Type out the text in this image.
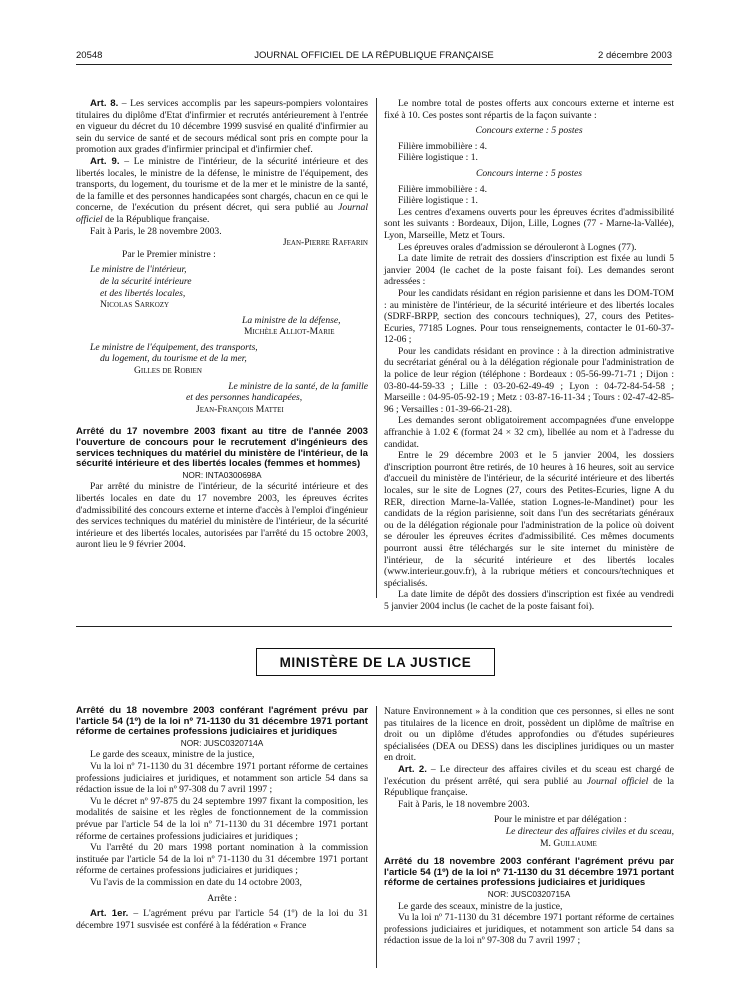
20548	JOURNAL OFFICIEL DE LA RÉPUBLIQUE FRANÇAISE	2 décembre 2003

Art. 8. – Les services accomplis par les sapeurs-pompiers volontaires titulaires du diplôme d'Etat d'infirmier et recrutés antérieurement à l'entrée en vigueur du décret du 10 décembre 1999 susvisé en qualité d'infirmier au sein du service de santé et de secours médical sont pris en compte pour la promotion aux grades d'infirmier principal et d'infirmier chef.

Art. 9. – Le ministre de l'intérieur, de la sécurité intérieure et des libertés locales, le ministre de la défense, le ministre de l'équipement, des transports, du logement, du tourisme et de la mer et le ministre de la santé, de la famille et des personnes handicapées sont chargés, chacun en ce qui le concerne, de l'exécution du présent décret, qui sera publié au Journal officiel de la République française.

Fait à Paris, le 28 novembre 2003.

Jean-Pierre Raffarin

Par le Premier ministre :

Le ministre de l'intérieur,

de la sécurité intérieure

et des libertés locales,

Nicolas Sarkozy

La ministre de la défense,

Michèle Alliot-Marie

Le ministre de l'équipement, des transports,

du logement, du tourisme et de la mer,

Gilles de Robien

Le ministre de la santé, de la famille

et des personnes handicapées,

Jean-François Mattei

Arrêté du 17 novembre 2003 fixant au titre de l'année 2003 l'ouverture de concours pour le recrutement d'ingénieurs des services techniques du matériel du ministère de l'intérieur, de la sécurité intérieure et des libertés locales (femmes et hommes)

NOR: INTA0300698A

Par arrêté du ministre de l'intérieur, de la sécurité intérieure et des libertés locales en date du 17 novembre 2003, les épreuves écrites d'admissibilité des concours externe et interne d'accès à l'emploi d'ingénieur des services techniques du matériel du ministère de l'intérieur, de la sécurité intérieure et des libertés locales, autorisées par l'arrêté du 15 octobre 2003, auront lieu le 9 février 2004.

Le nombre total de postes offerts aux concours externe et interne est fixé à 10. Ces postes sont répartis de la façon suivante :

Concours externe : 5 postes

Filière immobilière : 4.

Filière logistique : 1.

Concours interne : 5 postes

Filière immobilière : 4.

Filière logistique : 1.

Les centres d'examens ouverts pour les épreuves écrites d'admissibilité sont les suivants : Bordeaux, Dijon, Lille, Lognes (77 - Marne-la-Vallée), Lyon, Marseille, Metz et Tours.

Les épreuves orales d'admission se dérouleront à Lognes (77).

La date limite de retrait des dossiers d'inscription est fixée au lundi 5 janvier 2004 (le cachet de la poste faisant foi). Les demandes seront adressées :

Pour les candidats résidant en région parisienne et dans les DOM-TOM : au ministère de l'intérieur, de la sécurité intérieure et des libertés locales (SDRF-BRPP, section des concours techniques), 27, cours des Petites-Ecuries, 77185 Lognes. Pour tous renseignements, contacter le 01-60-37-12-06 ;

Pour les candidats résidant en province : à la direction administrative du secrétariat général ou à la délégation régionale pour l'administration de la police de leur région (téléphone : Bordeaux : 05-56-99-71-71 ; Dijon : 03-80-44-59-33 ; Lille : 03-20-62-49-49 ; Lyon : 04-72-84-54-58 ; Marseille : 04-95-05-92-19 ; Metz : 03-87-16-11-34 ; Tours : 02-47-42-85-96 ; Versailles : 01-39-66-21-28).

Les demandes seront obligatoirement accompagnées d'une enveloppe affranchie à 1.02 € (format 24 × 32 cm), libellée au nom et à l'adresse du candidat.

Entre le 29 décembre 2003 et le 5 janvier 2004, les dossiers d'inscription pourront être retirés, de 10 heures à 16 heures, soit au service d'accueil du ministère de l'intérieur, de la sécurité intérieure et des libertés locales, sur le site de Lognes (27, cours des Petites-Ecuries, ligne A du RER, direction Marne-la-Vallée, station Lognes-le-Mandinet) pour les candidats de la région parisienne, soit dans l'un des secrétariats généraux ou de la délégation régionale pour l'administration de la police où doivent se dérouler les épreuves écrites d'admissibilité. Ces mêmes documents pourront aussi être téléchargés sur le site internet du ministère de l'intérieur, de la sécurité intérieure et des libertés locales (www.interieur.gouv.fr), à la rubrique métiers et concours/techniques et spécialisés.

La date limite de dépôt des dossiers d'inscription est fixée au vendredi 5 janvier 2004 inclus (le cachet de la poste faisant foi).

MINISTÈRE DE LA JUSTICE

Arrêté du 18 novembre 2003 conférant l'agrément prévu par l'article 54 (1º) de la loi nº 71-1130 du 31 décembre 1971 portant réforme de certaines professions judiciaires et juridiques

NOR: JUSC0320714A

Le garde des sceaux, ministre de la justice,

Vu la loi nº 71-1130 du 31 décembre 1971 portant réforme de certaines professions judiciaires et juridiques, et notamment son article 54 dans sa rédaction issue de la loi nº 97-308 du 7 avril 1997 ;

Vu le décret nº 97-875 du 24 septembre 1997 fixant la composition, les modalités de saisine et les règles de fonctionnement de la commission prévue par l'article 54 de la loi nº 71-1130 du 31 décembre 1971 portant réforme de certaines professions judiciaires et juridiques ;

Vu l'arrêté du 20 mars 1998 portant nomination à la commission instituée par l'article 54 de la loi nº 71-1130 du 31 décembre 1971 portant réforme de certaines professions judiciaires et juridiques ;

Vu l'avis de la commission en date du 14 octobre 2003,

Arrête :

Art. 1er. – L'agrément prévu par l'article 54 (1º) de la loi du 31 décembre 1971 susvisée est conféré à la fédération « France

Nature Environnement » à la condition que ces personnes, si elles ne sont pas titulaires de la licence en droit, possèdent un diplôme de maîtrise en droit ou un diplôme d'études approfondies ou d'études supérieures spécialisées (DEA ou DESS) dans les disciplines juridiques ou un master en droit.

Art. 2. – Le directeur des affaires civiles et du sceau est chargé de l'exécution du présent arrêté, qui sera publié au Journal officiel de la République française.

Fait à Paris, le 18 novembre 2003.

Pour le ministre et par délégation :

Le directeur des affaires civiles et du sceau,

M. Guillaume

Arrêté du 18 novembre 2003 conférant l'agrément prévu par l'article 54 (1º) de la loi nº 71-1130 du 31 décembre 1971 portant réforme de certaines professions judiciaires et juridiques

NOR: JUSC0320715A

Le garde des sceaux, ministre de la justice,

Vu la loi nº 71-1130 du 31 décembre 1971 portant réforme de certaines professions judiciaires et juridiques, et notamment son article 54 dans sa rédaction issue de la loi nº 97-308 du 7 avril 1997 ;
